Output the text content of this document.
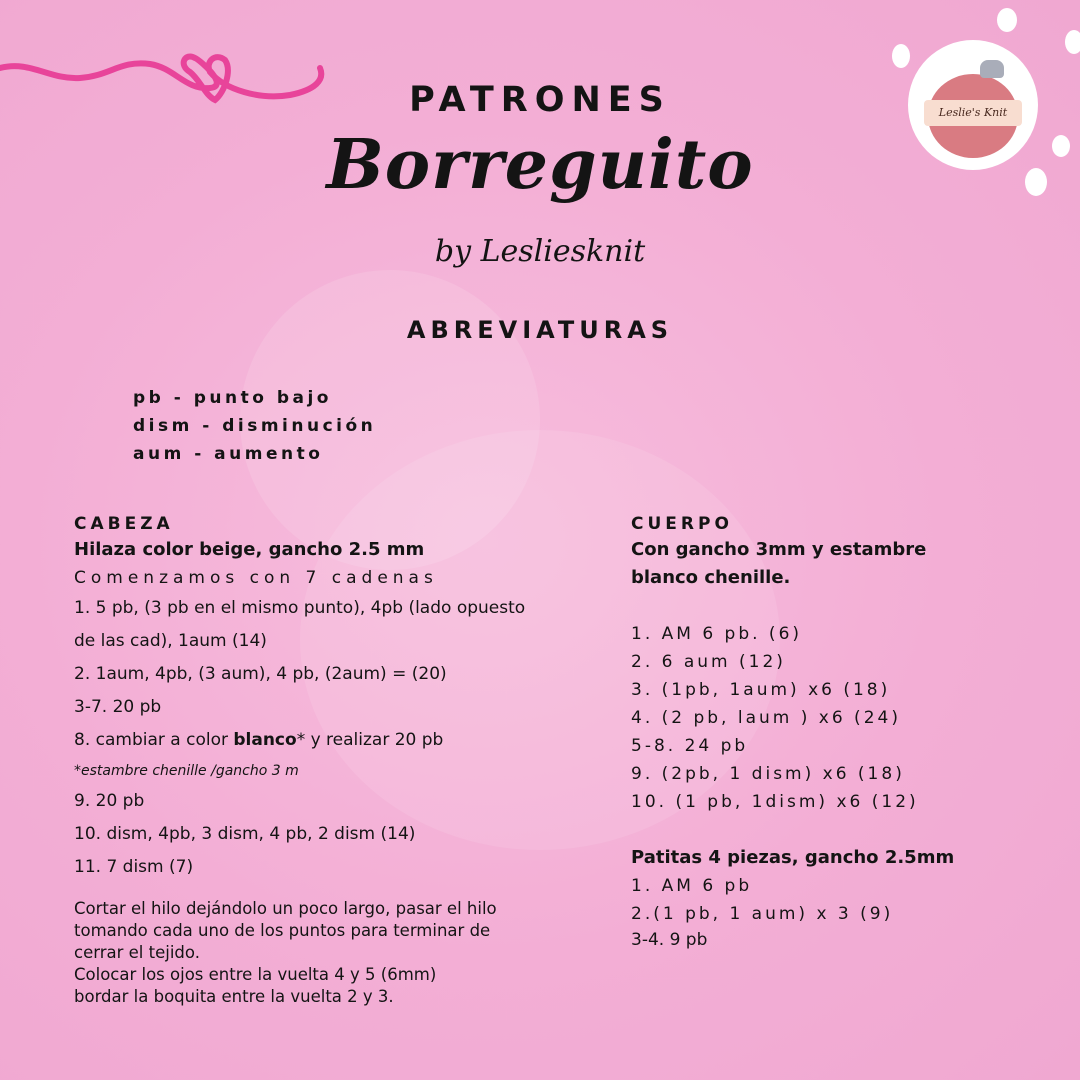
Leslie's Knit
PATRONES
Borreguito
by Lesliesknit
ABREVIATURAS
pb - punto bajo
dism - disminución
aum - aumento
CABEZA
Hilaza color beige, gancho 2.5 mm
Comenzamos con 7 cadenas
1. 5 pb, (3 pb en el mismo punto), 4pb (lado opuesto
de las cad), 1aum (14)
2. 1aum, 4pb, (3 aum), 4 pb, (2aum) = (20)
3-7. 20 pb
8. cambiar a color blanco* y realizar 20 pb
*estambre chenille /gancho 3 m
9. 20 pb
10. dism, 4pb, 3 dism, 4 pb, 2 dism (14)
11. 7 dism (7)
Cortar el hilo dejándolo un poco largo, pasar el hilo
tomando cada uno de los puntos para terminar de
cerrar el tejido.
Colocar los ojos entre la vuelta 4 y 5 (6mm)
bordar la boquita entre la vuelta 2 y 3.
CUERPO
Con gancho 3mm y estambre
blanco chenille.
1. AM 6 pb. (6)
2. 6 aum (12)
3. (1pb, 1aum) x6 (18)
4. (2 pb, laum ) x6 (24)
5-8. 24 pb
9. (2pb, 1 dism) x6 (18)
10. (1 pb, 1dism) x6 (12)
Patitas 4 piezas, gancho 2.5mm
1. AM 6 pb
2.(1 pb, 1 aum) x 3 (9)
3-4. 9 pb
